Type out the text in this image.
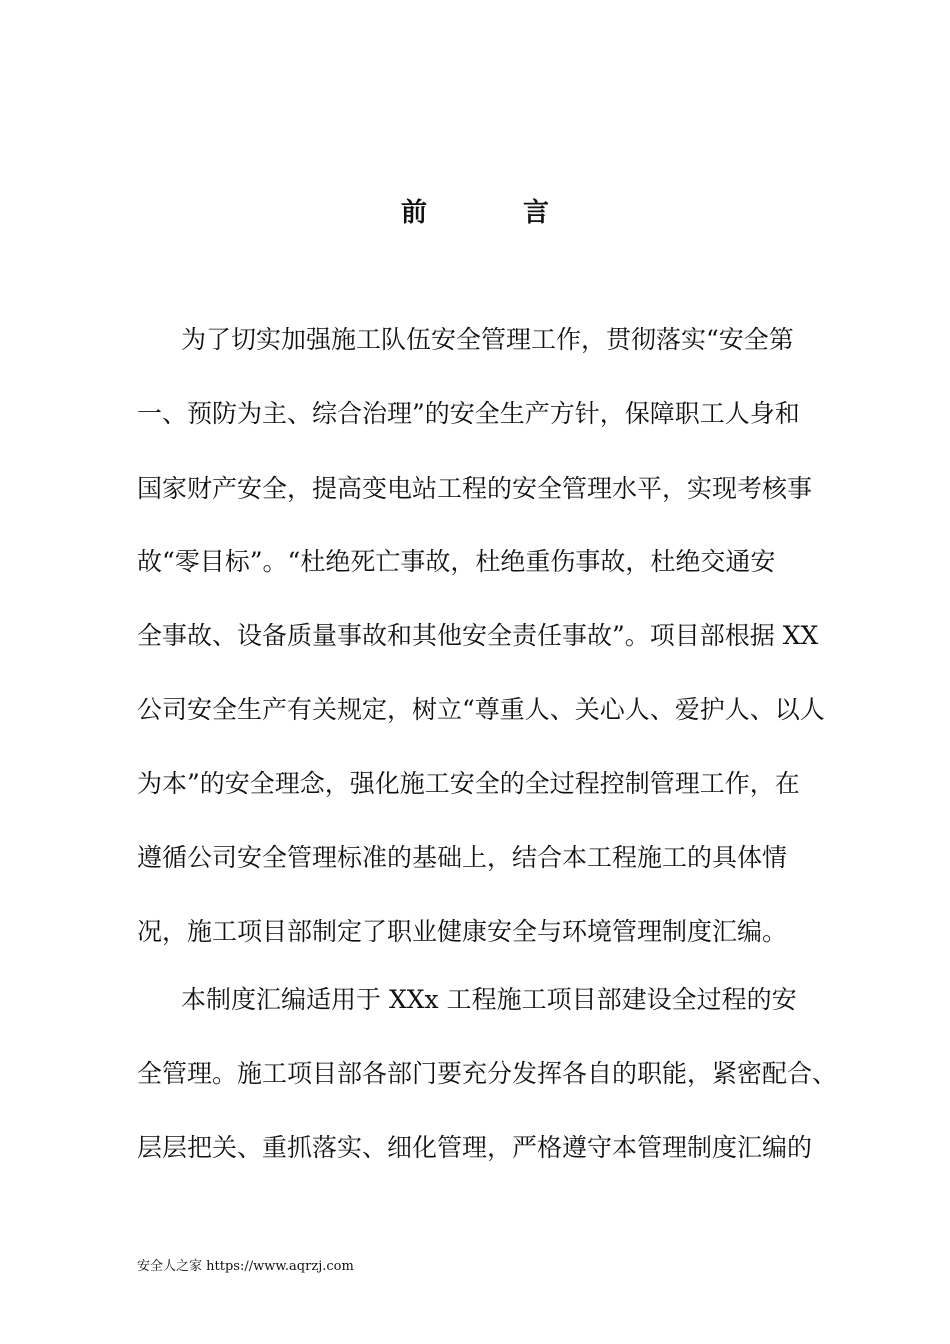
前	言
　为了切实加强施工队伍安全管理工作，贯彻落实“安全第
一、预防为主、综合治理”的安全生产方针，保障职工人身和
国家财产安全，提高变电站工程的安全管理水平，实现考核事
故“零目标”。“杜绝死亡事故，杜绝重伤事故，杜绝交通安
全事故、设备质量事故和其他安全责任事故”。项目部根据 XX
公司安全生产有关规定，树立“尊重人、关心人、爱护人、以人
为本”的安全理念，强化施工安全的全过程控制管理工作，在
遵循公司安全管理标准的基础上，结合本工程施工的具体情
况，施工项目部制定了职业健康安全与环境管理制度汇编。
　本制度汇编适用于 XXx 工程施工项目部建设全过程的安
全管理。施工项目部各部门要充分发挥各自的职能，紧密配合、
层层把关、重抓落实、细化管理，严格遵守本管理制度汇编的
安全人之家 https://www.aqrzj.com
